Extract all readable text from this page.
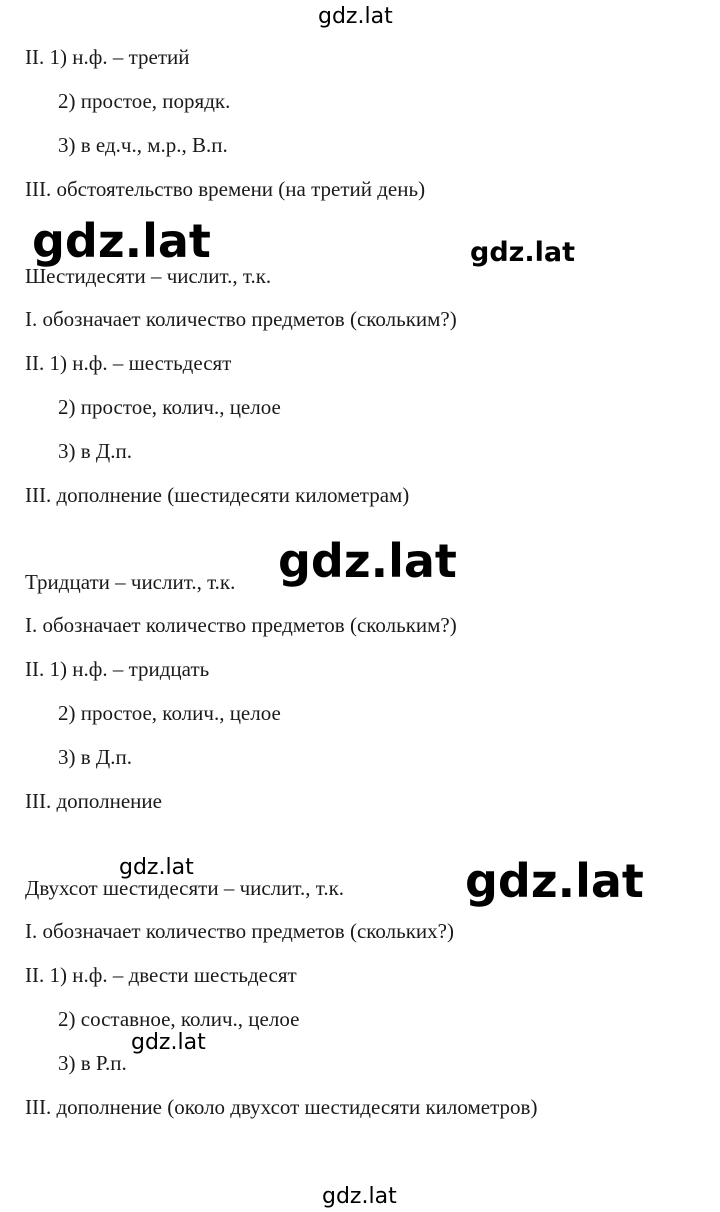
II. 1) н.ф. – третий
2) простое, порядк.
3) в ед.ч., м.р., В.п.
III. обстоятельство времени (на третий день)
Шестидесяти – числит., т.к.
I. обозначает количество предметов (скольким?)
II. 1) н.ф. – шестьдесят
2) простое, колич., целое
3) в Д.п.
III. дополнение (шестидесяти километрам)
Тридцати – числит., т.к.
I. обозначает количество предметов (скольким?)
II. 1) н.ф. – тридцать
2) простое, колич., целое
3) в Д.п.
III. дополнение
Двухсот шестидесяти – числит., т.к.
I. обозначает количество предметов (скольких?)
II. 1) н.ф. – двести шестьдесят
2) составное, колич., целое
3) в Р.п.
III. дополнение (около двухсот шестидесяти километров)
gdz.lat
gdz.lat	gdz.lat
gdz.lat
gdz.lat	gdz.lat
gdz.lat
gdz.lat
